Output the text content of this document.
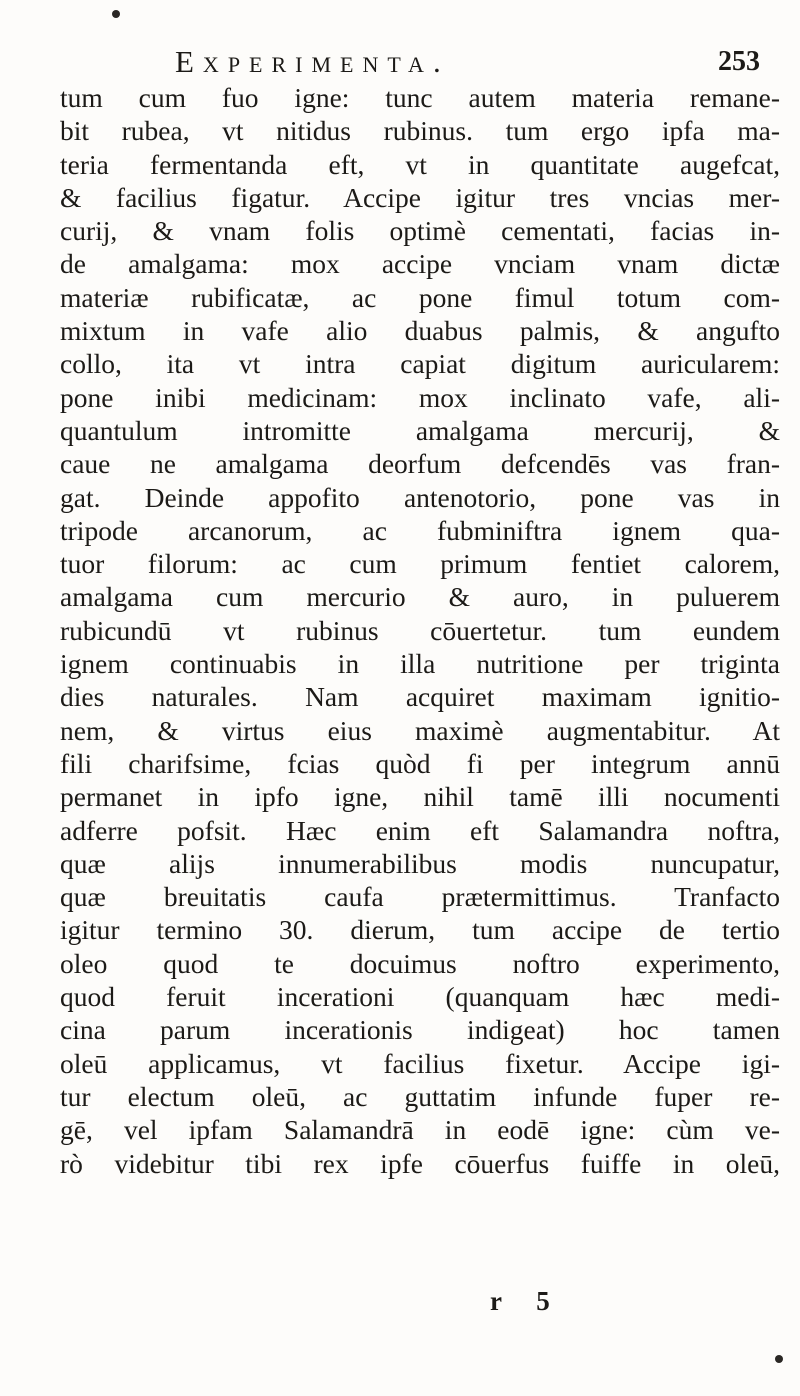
Experimenta.	253
tum cum fuo igne: tunc autem materia remane-
bit rubea, vt nitidus rubinus. tum ergo ipfa ma-
teria fermentanda eft, vt in quantitate augefcat,
& facilius figatur. Accipe igitur tres vncias mer-
curij, & vnam folis optimè cementati, facias in-
de amalgama: mox accipe vnciam vnam dictæ
materiæ rubificatæ, ac pone fimul totum com-
mixtum in vafe alio duabus palmis, & angufto
collo, ita vt intra capiat digitum auricularem:
pone inibi medicinam: mox inclinato vafe, ali-
quantulum intromitte amalgama mercurij, &
caue ne amalgama deorfum defcendēs vas fran-
gat. Deinde appofito antenotorio, pone vas in
tripode arcanorum, ac fubminiftra ignem qua-
tuor filorum: ac cum primum fentiet calorem,
amalgama cum mercurio & auro, in puluerem
rubicundū vt rubinus cōuertetur. tum eundem
ignem continuabis in illa nutritione per triginta
dies naturales. Nam acquiret maximam ignitio-
nem, & virtus eius maximè augmentabitur. At
fili charifsime, fcias quòd fi per integrum annū
permanet in ipfo igne, nihil tamē illi nocumenti
adferre pofsit. Hæc enim eft Salamandra noftra,
quæ alijs innumerabilibus modis nuncupatur,
quæ breuitatis caufa prætermittimus. Tranfacto
igitur termino 30. dierum, tum accipe de tertio
oleo quod te docuimus noftro experimento,
quod feruit incerationi (quanquam hæc medi-
cina parum incerationis indigeat) hoc tamen
oleū applicamus, vt facilius fixetur. Accipe igi-
tur electum oleū, ac guttatim infunde fuper re-
gē, vel ipfam Salamandrā in eodē igne: cùm ve-
rò videbitur tibi rex ipfe cōuerfus fuiffe in oleū,
r 5
